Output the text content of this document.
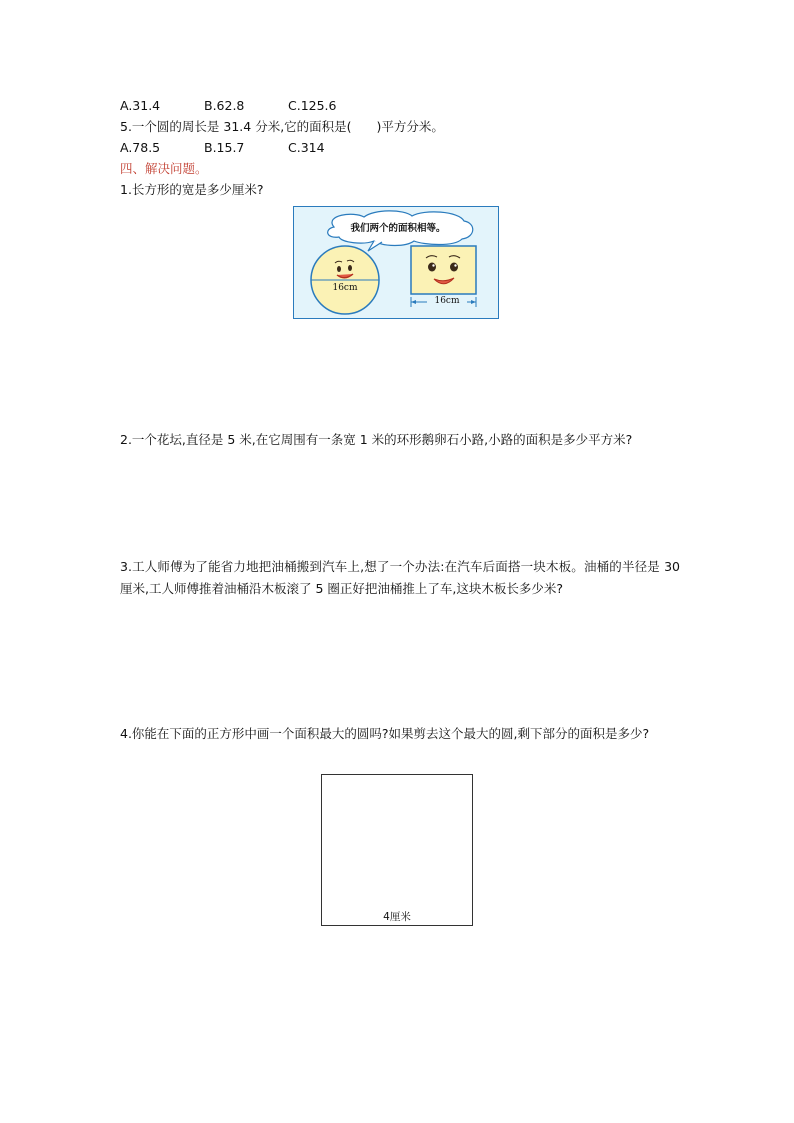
A.31.4	B.62.8	C.125.6
5.一个圆的周长是 31.4 分米,它的面积是(　　)平方分米。
A.78.5	B.15.7	C.314
四、解决问题。
1.长方形的宽是多少厘米?
我们两个的面积相等。
16cm
16cm
2.一个花坛,直径是 5 米,在它周围有一条宽 1 米的环形鹅卵石小路,小路的面积是多少平方米?
3.工人师傅为了能省力地把油桶搬到汽车上,想了一个办法:在汽车后面搭一块木板。油桶的半径是 30 厘米,工人师傅推着油桶沿木板滚了 5 圈正好把油桶推上了车,这块木板长多少米?
4.你能在下面的正方形中画一个面积最大的圆吗?如果剪去这个最大的圆,剩下部分的面积是多少?
4厘米
